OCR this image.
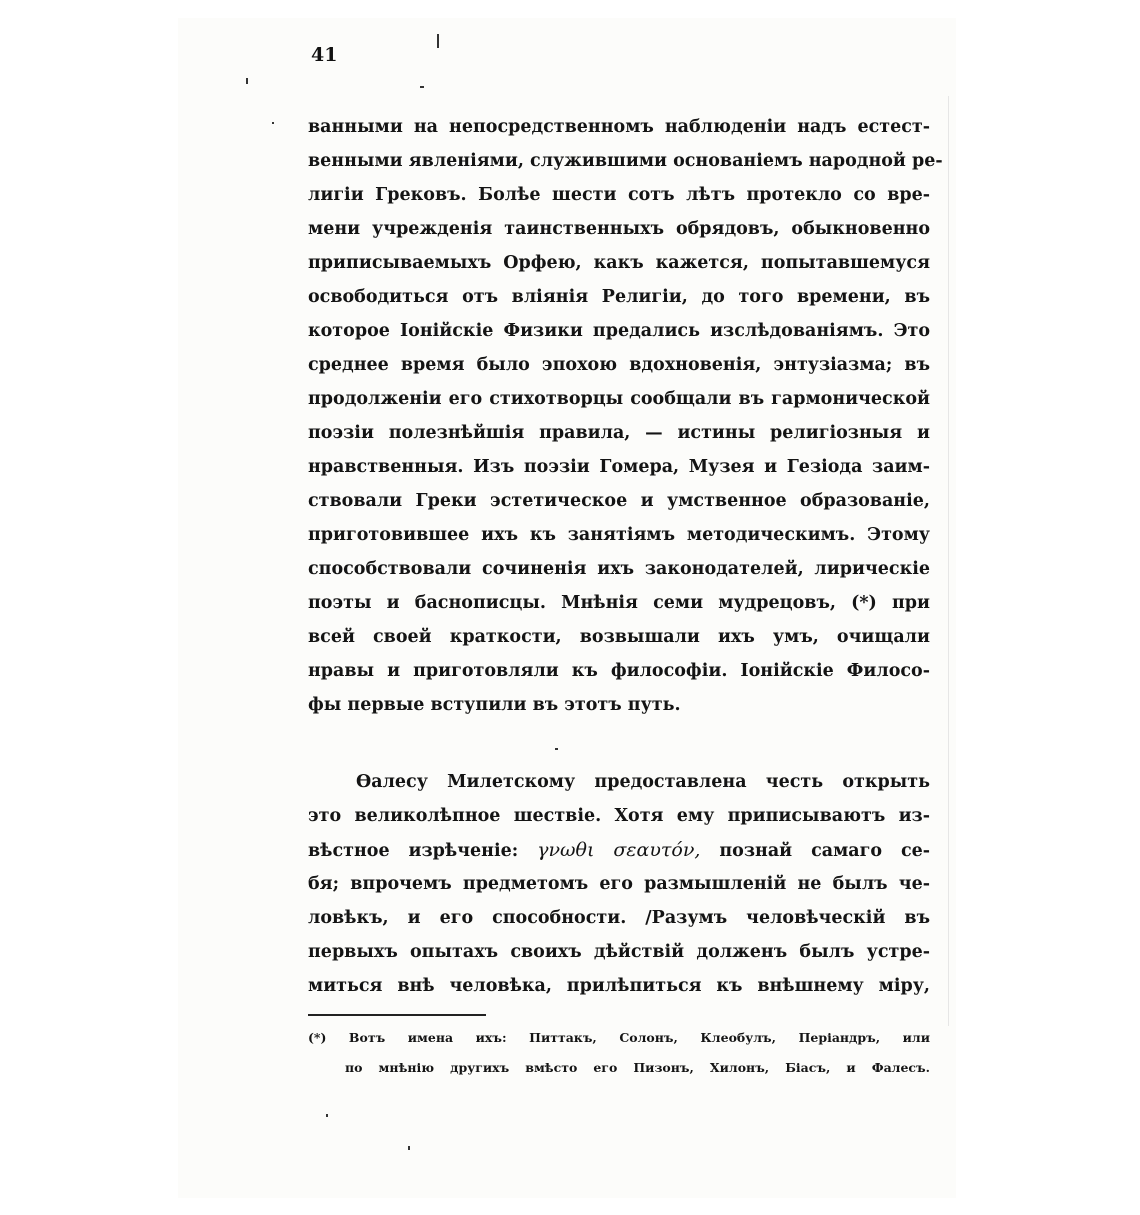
41
ванными на непосредственномъ наблюденіи надъ естест-
венными явленіями, служившими основаніемъ народной ре-
лигіи Грековъ. Болѣе шести сотъ лѣтъ протекло со вре-
мени учрежденія таинственныхъ обрядовъ, обыкновенно
приписываемыхъ Орфею, какъ кажется, попытавшемуся
освободиться отъ вліянія Религіи, до того времени, въ
которое Іонійскіе Физики предались изслѣдованіямъ. Это
среднее время было эпохою вдохновенія, энтузіазма; въ
продолженіи его стихотворцы сообщали въ гармонической
поэзіи полезнѣйшія правила, — истины религіозныя и
нравственныя. Изъ поэзіи Гомера, Музея и Гезіода заим-
ствовали Греки эстетическое и умственное образованіе,
приготовившее ихъ къ занятіямъ методическимъ. Этому
способствовали сочиненія ихъ законодателей, лирическіе
поэты и баснописцы. Мнѣнія семи мудрецовъ, (*) при
всей своей краткости, возвышали ихъ умъ, очищали
нравы и приготовляли къ философіи. Іонійскіе Филосо-
фы первые вступили въ этотъ путь.
Ѳалесу Милетскому предоставлена честь открыть
это великолѣпное шествіе. Хотя ему приписываютъ из-
вѣстное изрѣченіе: γνωθι σεαυτόν, познай самаго се-
бя; впрочемъ предметомъ его размышленій не былъ че-
ловѣкъ, и его способности. /Разумъ человѣческій въ
первыхъ опытахъ своихъ дѣйствій долженъ былъ устре-
миться внѣ человѣка, прилѣпиться къ внѣшнему міру,
(*) Вотъ имена ихъ: Питтакъ, Солонъ, Клеобулъ, Періандръ, или
по мнѣнію другихъ вмѣсто его Пизонъ, Хилонъ, Біасъ, и Фалесъ.
